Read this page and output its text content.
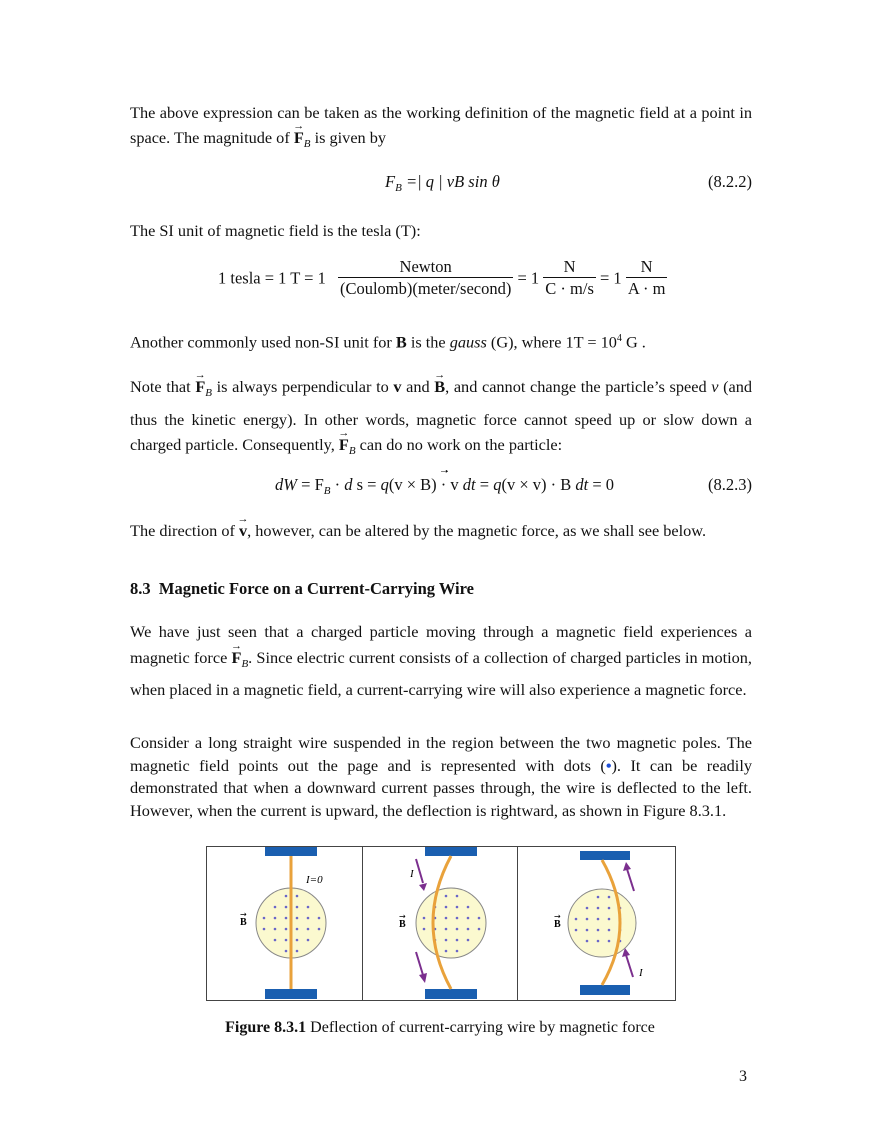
The above expression can be taken as the working definition of the magnetic field at a point in space. The magnitude of → $F_B$ is given by

$F_B$ =| q | vB sin θ	(8.2.2)

The SI unit of magnetic field is the tesla (T):

1 tesla = 1 $T = 1 \frac{\text{Newton}}{\text{(Coulomb)(meter/second)}} = 1 \frac{N}{C \cdot m/s} = 1 \frac{N}{A \cdot m}$

Another commonly used non-SI unit for B is the gauss (G), where $1T = 10^4$ G .

Note that → $F_B$ is always perpendicular to v and → B, and cannot change the particle’s speed v (and thus the kinetic energy). In other words, magnetic force cannot speed up or slow down a charged particle. Consequently, → $F_B$ can do no work on the particle:

dW = → $F_B \cdot d \to s = q(\to v$ × → B) · → v dt = q(→ v × → v) · → B dt = 0	(8.2.3)

The direction of → v, however, can be altered by the magnetic force, as we shall see below.

8.3 Magnetic Force on a Current-Carrying Wire

We have just seen that a charged particle moving through a magnetic field experiences a magnetic force → $F_B$. Since electric current consists of a collection of charged particles in motion, when placed in a magnetic field, a current-carrying wire will also experience a magnetic force.

Consider a long straight wire suspended in the region between the two magnetic poles. The magnetic field points out the page and is represented with dots (•). It can be readily demonstrated that when a downward current passes through, the wire is deflected to the left. However, when the current is upward, the deflection is rightward, as shown in Figure 8.3.1.

I=0
B
→
I
B
→
I
B
→
Figure 8.3.1 Deflection of current-carrying wire by magnetic force
3
